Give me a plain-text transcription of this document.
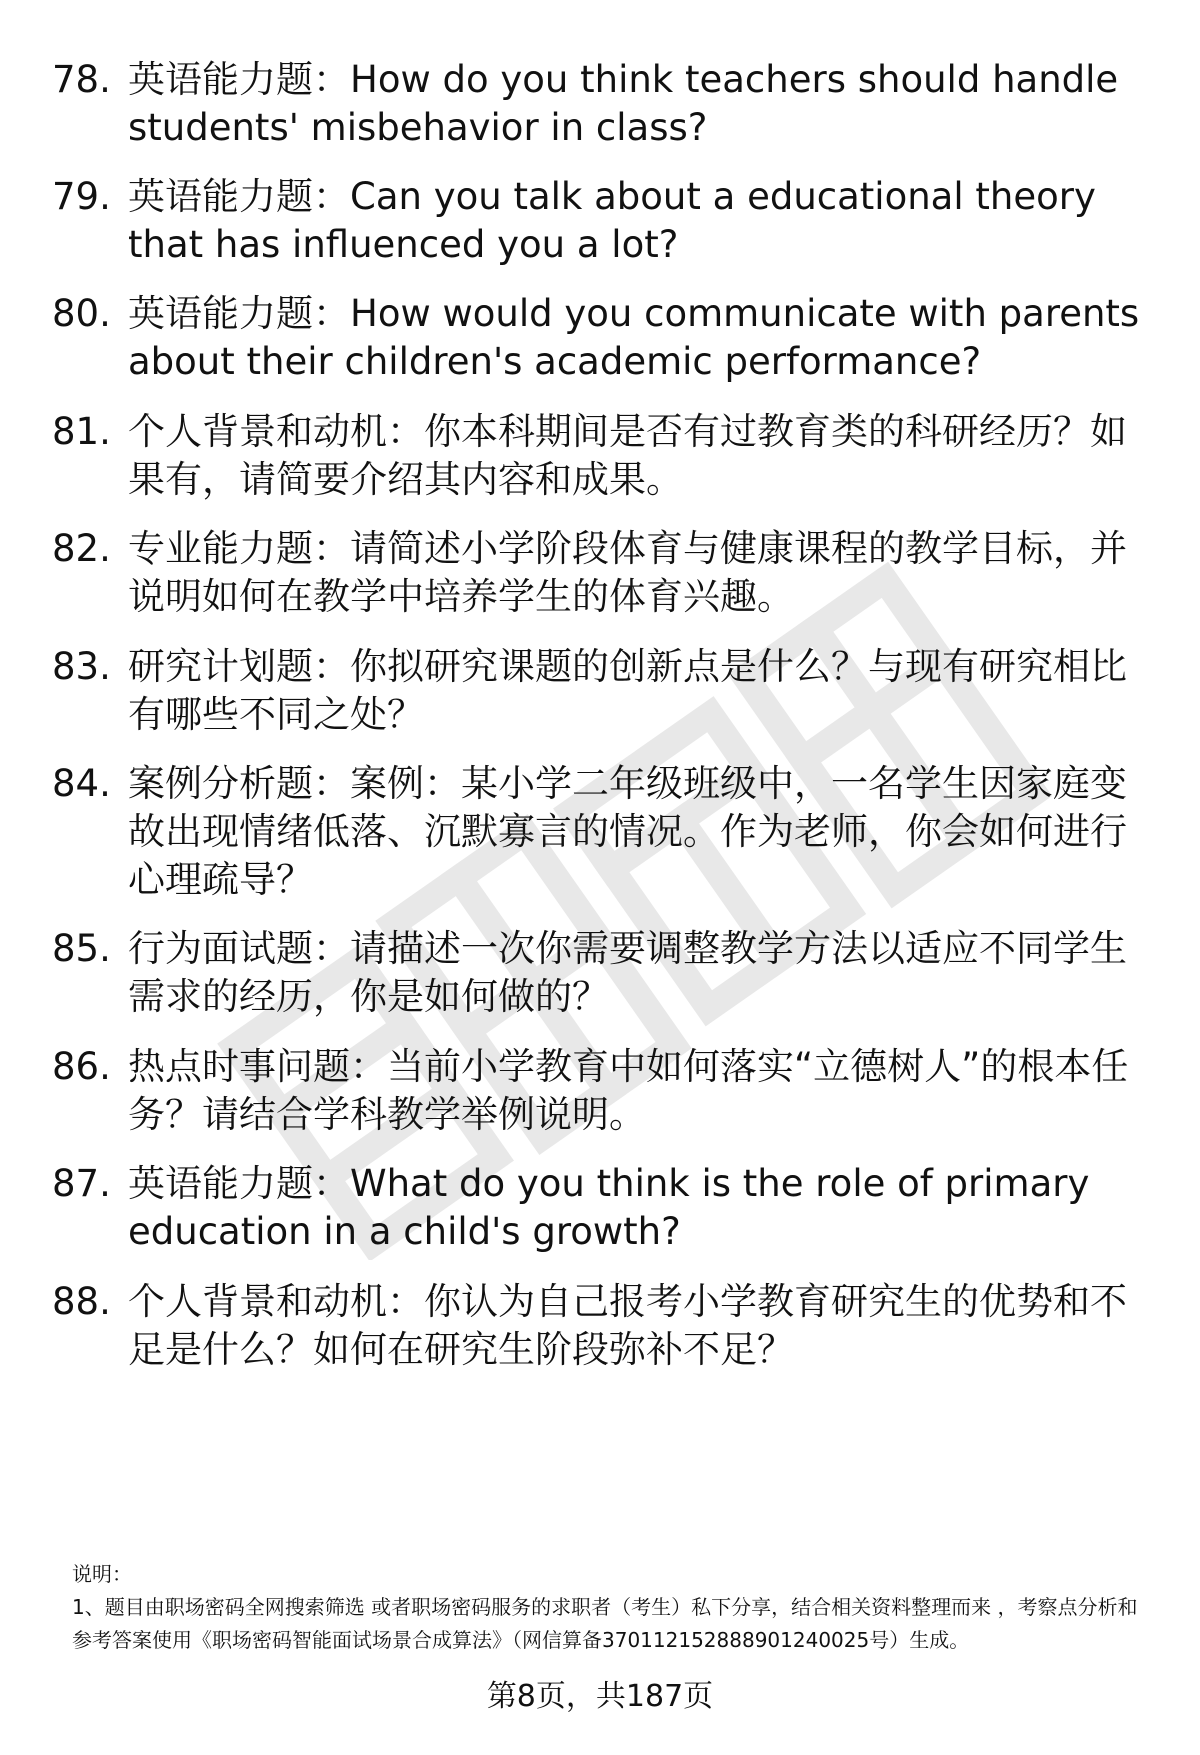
78. 英语能力题：How do you think teachers should handle students' misbehavior in class?
79. 英语能力题：Can you talk about a educational theory that has influenced you a lot?
80. 英语能力题：How would you communicate with parents about their children's academic performance?
81. 个人背景和动机：你本科期间是否有过教育类的科研经历？如果有，请简要介绍其内容和成果。
82. 专业能力题：请简述小学阶段体育与健康课程的教学目标，并说明如何在教学中培养学生的体育兴趣。
83. 研究计划题：你拟研究课题的创新点是什么？与现有研究相比有哪些不同之处？
84. 案例分析题：案例：某小学二年级班级中，一名学生因家庭变故出现情绪低落、沉默寡言的情况。作为老师，你会如何进行心理疏导？
85. 行为面试题：请描述一次你需要调整教学方法以适应不同学生需求的经历，你是如何做的？
86. 热点时事问题：当前小学教育中如何落实“立德树人”的根本任务？请结合学科教学举例说明。
87. 英语能力题：What do you think is the role of primary education in a child's growth?
88. 个人背景和动机：你认为自己报考小学教育研究生的优势和不足是什么？如何在研究生阶段弥补不足？
说明：
1、题目由职场密码全网搜索筛选 或者职场密码服务的求职者（考生）私下分享，结合相关资料整理而来 ，考察点分析和参考答案使用《职场密码智能面试场景合成算法》（网信算备370112152888901240025号）生成。
第8页，共187页
